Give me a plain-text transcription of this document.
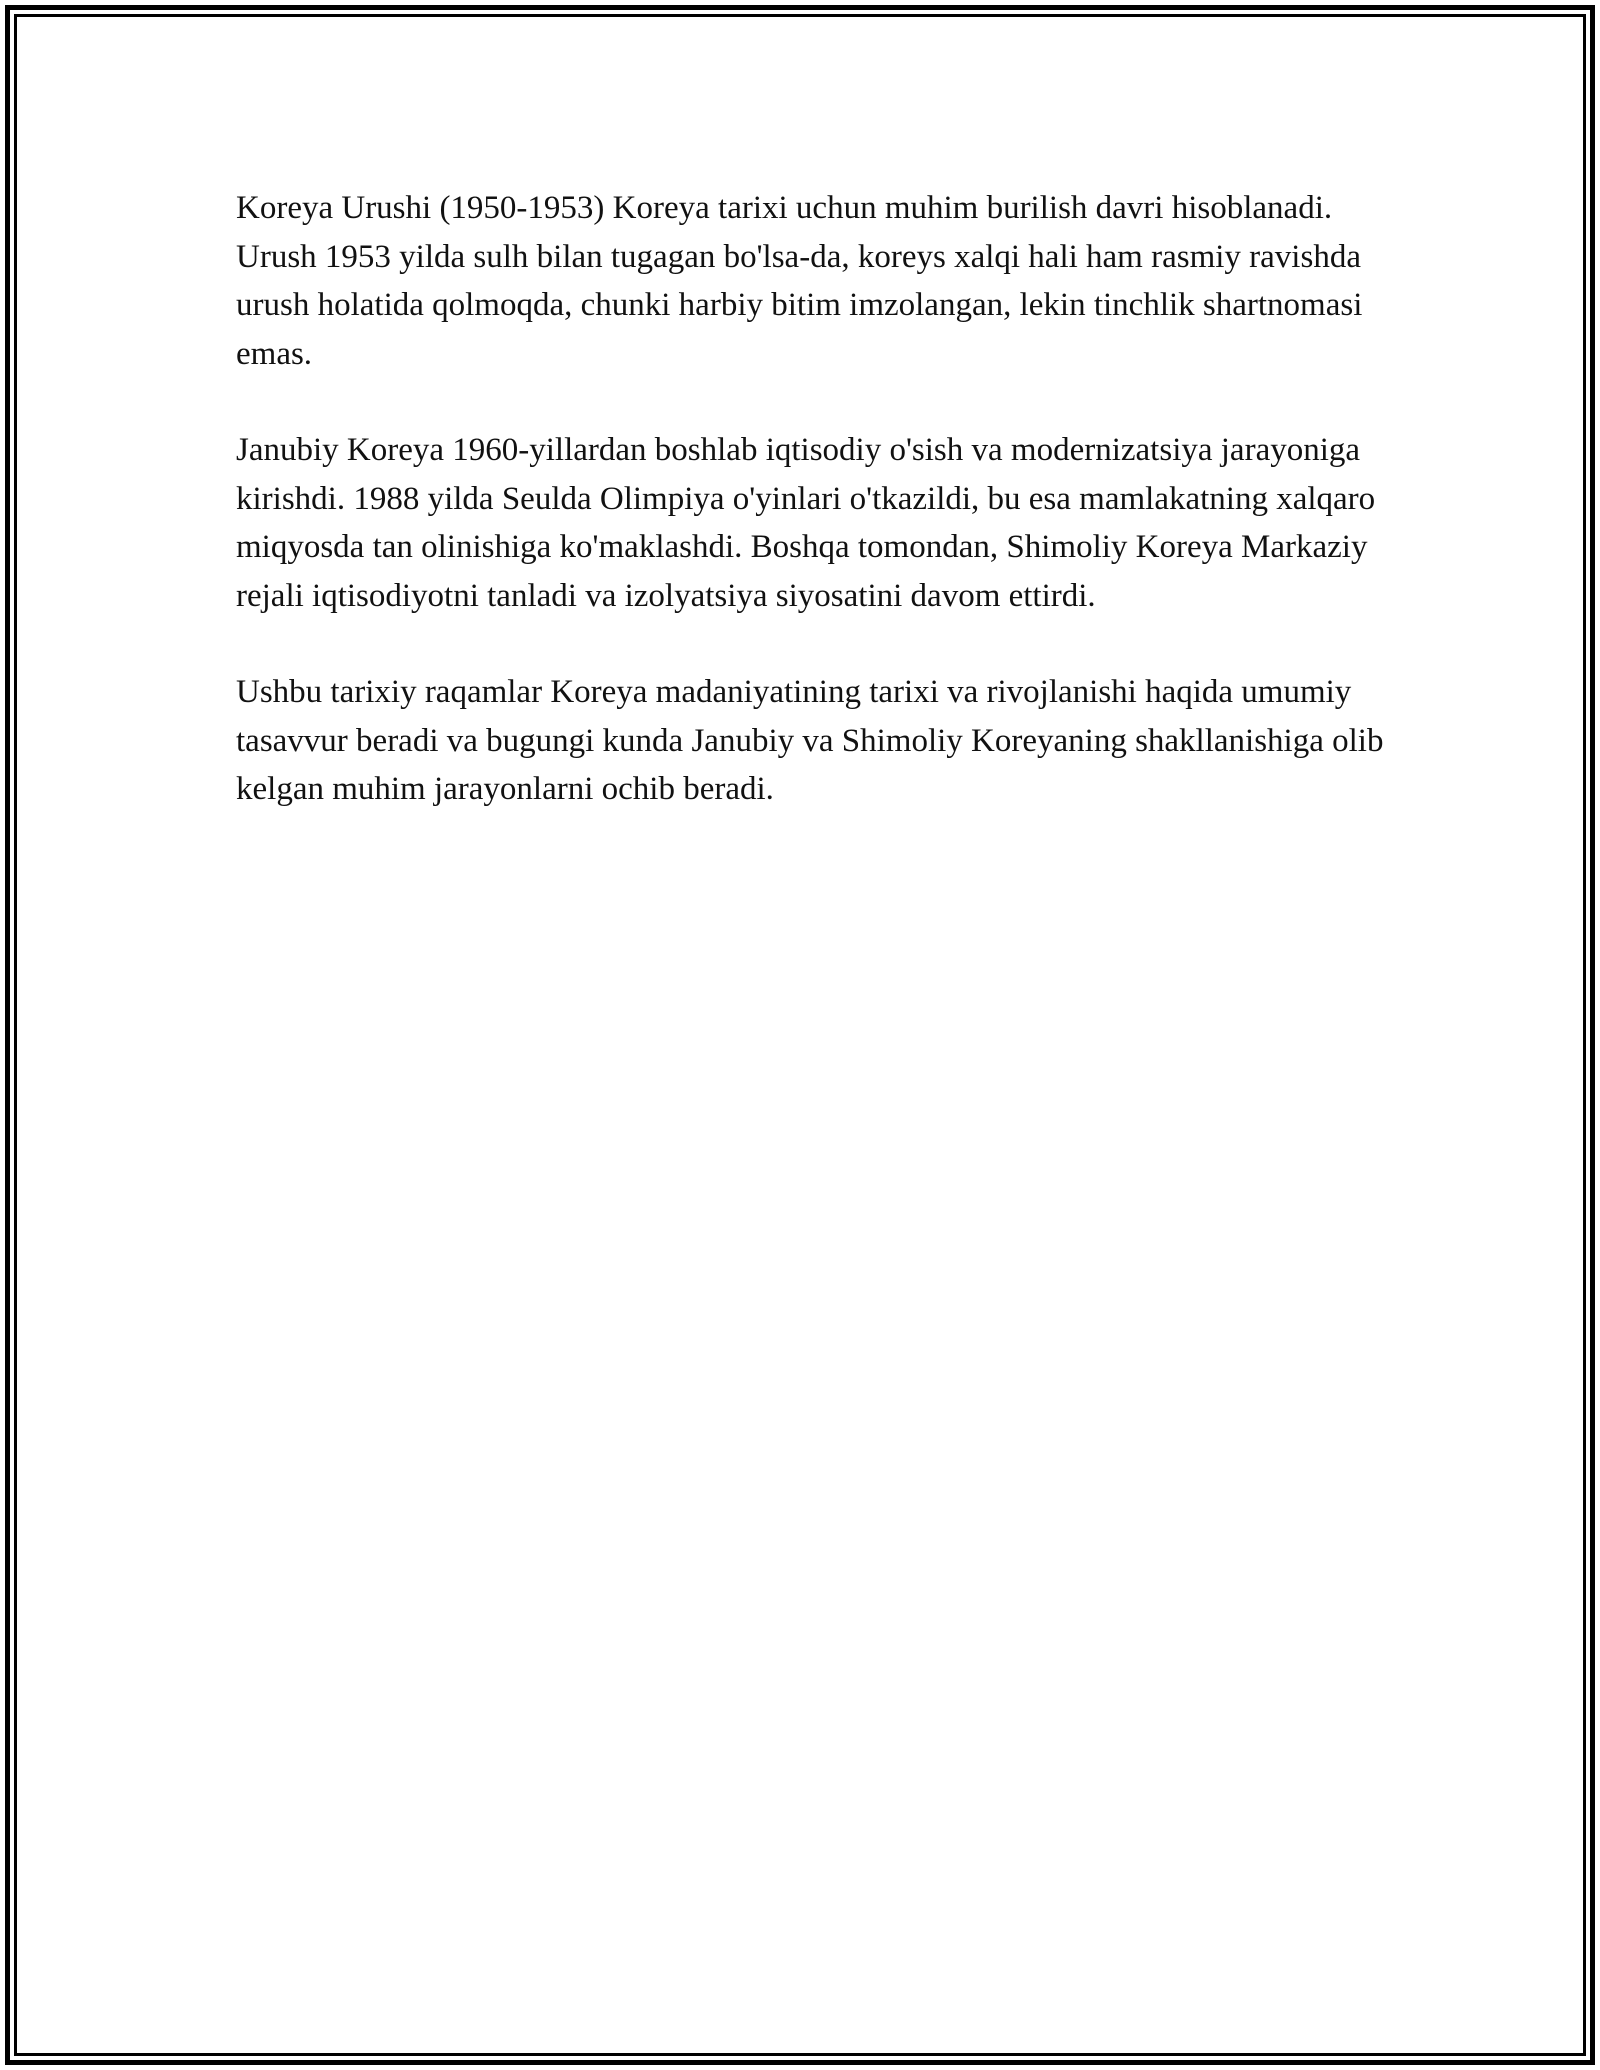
Koreya Urushi (1950-1953) Koreya tarixi uchun muhim burilish davri hisoblanadi. Urush 1953 yilda sulh bilan tugagan bo'lsa-da, koreys xalqi hali ham rasmiy ravishda urush holatida qolmoqda, chunki harbiy bitim imzolangan, lekin tinchlik shartnomasi emas.

Janubiy Koreya 1960-yillardan boshlab iqtisodiy o'sish va modernizatsiya jarayoniga kirishdi. 1988 yilda Seulda Olimpiya o'yinlari o'tkazildi, bu esa mamlakatning xalqaro miqyosda tan olinishiga ko'maklashdi. Boshqa tomondan, Shimoliy Koreya Markaziy rejali iqtisodiyotni tanladi va izolyatsiya siyosatini davom ettirdi.

Ushbu tarixiy raqamlar Koreya madaniyatining tarixi va rivojlanishi haqida umumiy tasavvur beradi va bugungi kunda Janubiy va Shimoliy Koreyaning shakllanishiga olib kelgan muhim jarayonlarni ochib beradi.
